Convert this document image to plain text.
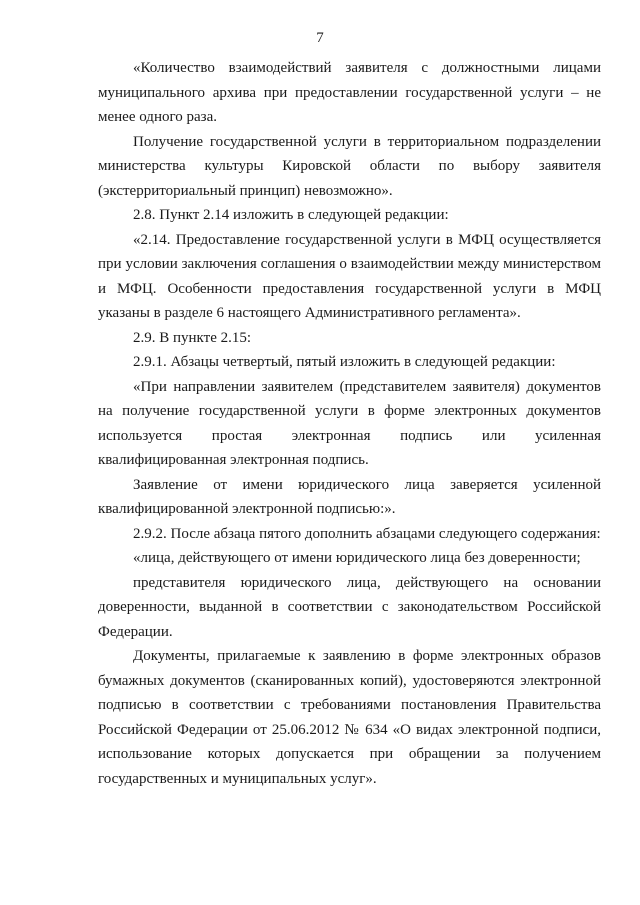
7

«Количество взаимодействий заявителя с должностными лицами муниципального архива при предоставлении государственной услуги – не менее одного раза.

Получение государственной услуги в территориальном подразделении министерства культуры Кировской области по выбору заявителя (экстерриториальный принцип) невозможно».

2.8. Пункт 2.14 изложить в следующей редакции:

«2.14. Предоставление государственной услуги в МФЦ осуществляется при условии заключения соглашения о взаимодействии между министерством и МФЦ. Особенности предоставления государственной услуги в МФЦ указаны в разделе 6 настоящего Административного регламента».

2.9. В пункте 2.15:

2.9.1. Абзацы четвертый, пятый изложить в следующей редакции:

«При направлении заявителем (представителем заявителя) документов на получение государственной услуги в форме электронных документов используется простая электронная подпись или усиленная квалифицированная электронная подпись.

Заявление от имени юридического лица заверяется усиленной квалифицированной электронной подписью:».

2.9.2. После абзаца пятого дополнить абзацами следующего содержания:

«лица, действующего от имени юридического лица без доверенности;

представителя юридического лица, действующего на основании доверенности, выданной в соответствии с законодательством Российской Федерации.

Документы, прилагаемые к заявлению в форме электронных образов бумажных документов (сканированных копий), удостоверяются электронной подписью в соответствии с требованиями постановления Правительства Российской Федерации от 25.06.2012 № 634 «О видах электронной подписи, использование которых допускается при обращении за получением государственных и муниципальных услуг».
